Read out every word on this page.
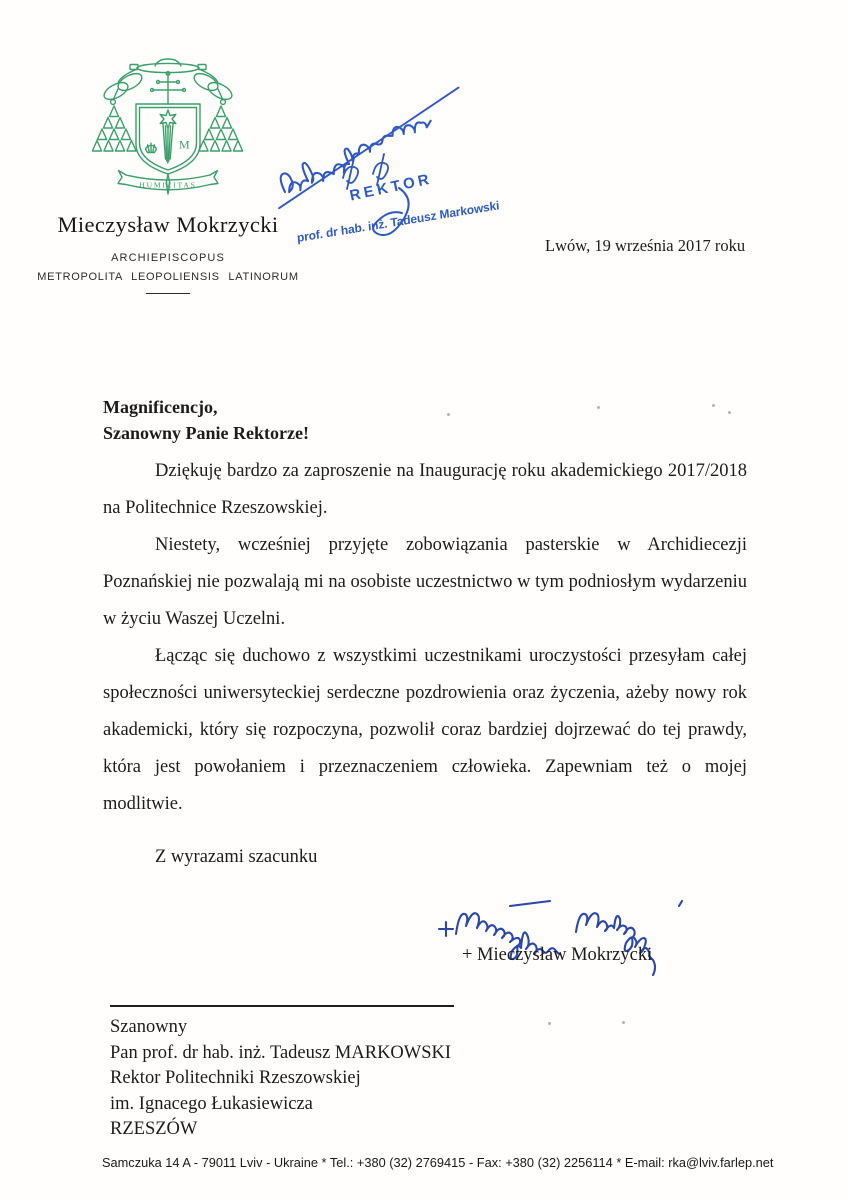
M
HUMILITAS
Mieczysław Mokrzycki
ARCHIEPISCOPUS
METROPOLITA LEOPOLIENSIS LATINORUM
REKTOR
prof. dr hab. inż. Tadeusz Markowski
Lwów, 19 września 2017 roku
Magnificencjo,
Szanowny Panie Rektorze!

Dziękuję bardzo za zaproszenie na Inaugurację roku akademickiego 2017/2018 na Politechnice Rzeszowskiej.

Niestety, wcześniej przyjęte zobowiązania pasterskie w Archidiecezji Poznańskiej nie pozwalają mi na osobiste uczestnictwo w tym podniosłym wydarzeniu w życiu Waszej Uczelni.

Łącząc się duchowo z wszystkimi uczestnikami uroczystości przesyłam całej społeczności uniwersyteckiej serdeczne pozdrowienia oraz życzenia, ażeby nowy rok akademicki, który się rozpoczyna, pozwolił coraz bardziej dojrzewać do tej prawdy, która jest powołaniem i przeznaczeniem człowieka. Zapewniam też o mojej modlitwie.

Z wyrazami szacunku

+ Mieczysław Mokrzycki
Szanowny
Pan prof. dr hab. inż. Tadeusz MARKOWSKI
Rektor Politechniki Rzeszowskiej
im. Ignacego Łukasiewicza
RZESZÓW
Samczuka 14 A - 79011 Lviv - Ukraine * Tel.: +380 (32) 2769415 - Fax: +380 (32) 2256114 * E-mail: rka@lviv.farlep.net
